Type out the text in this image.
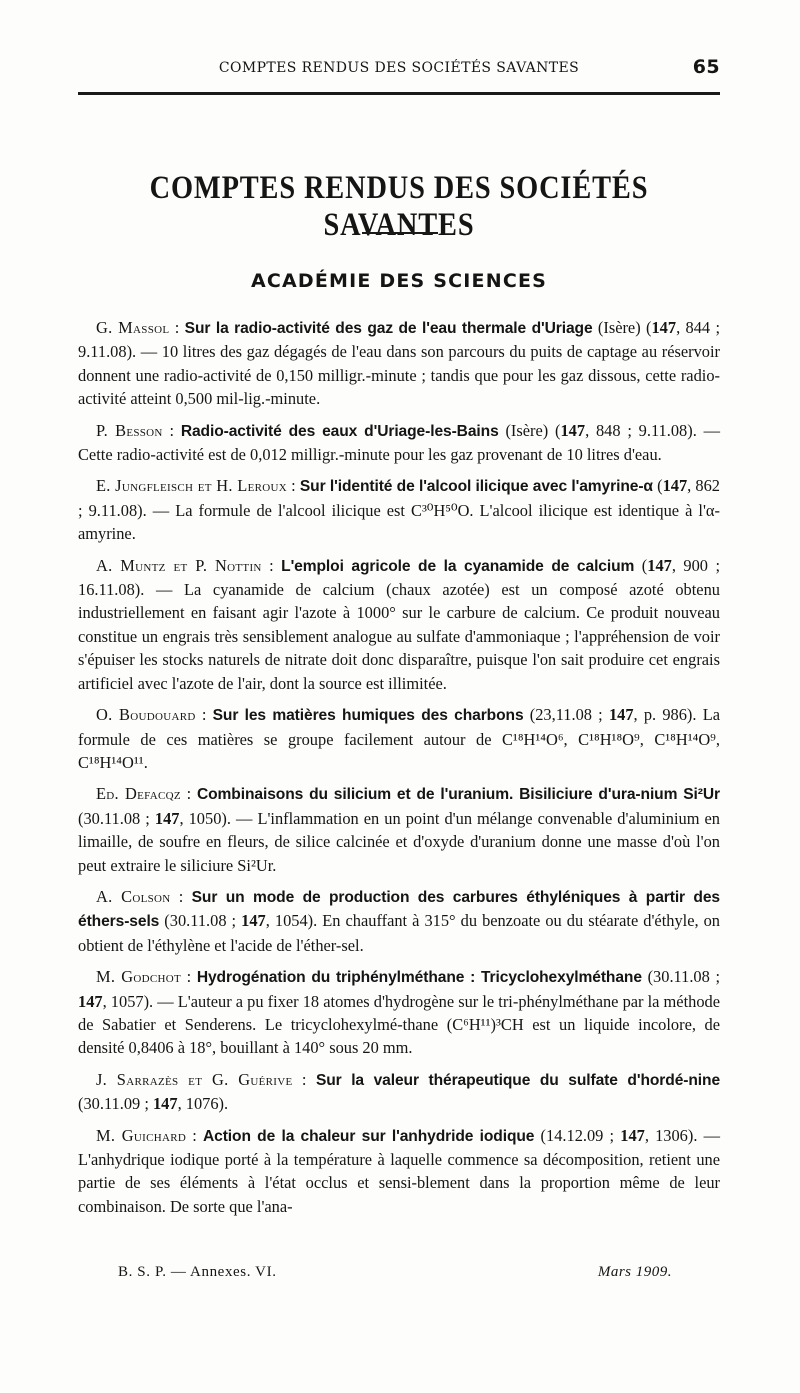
COMPTES RENDUS DES SOCIÉTÉS SAVANTES	65
COMPTES RENDUS DES SOCIÉTÉS SAVANTES
ACADÉMIE DES SCIENCES

G. Massol : Sur la radio-activité des gaz de l'eau thermale d'Uriage (Isère) (147, 844 ; 9.11.08). — 10 litres des gaz dégagés de l'eau dans son parcours du puits de captage au réservoir donnent une radio-activité de 0,150 milligr.-minute ; tandis que pour les gaz dissous, cette radio-activité atteint 0,500 mil-lig.-minute.

P. Besson : Radio-activité des eaux d'Uriage-les-Bains (Isère) (147, 848 ; 9.11.08). — Cette radio-activité est de 0,012 milligr.-minute pour les gaz provenant de 10 litres d'eau.

E. Jungfleisch et H. Leroux : Sur l'identité de l'alcool ilicique avec l'amyrine-α (147, 862 ; 9.11.08). — La formule de l'alcool ilicique est C³⁰H⁵⁰O. L'alcool ilicique est identique à l'α-amyrine.

A. Muntz et P. Nottin : L'emploi agricole de la cyanamide de calcium (147, 900 ; 16.11.08). — La cyanamide de calcium (chaux azotée) est un composé azoté obtenu industriellement en faisant agir l'azote à 1000° sur le carbure de calcium. Ce produit nouveau constitue un engrais très sensiblement analogue au sulfate d'ammoniaque ; l'appréhension de voir s'épuiser les stocks naturels de nitrate doit donc disparaître, puisque l'on sait produire cet engrais artificiel avec l'azote de l'air, dont la source est illimitée.

O. Boudouard : Sur les matières humiques des charbons (23,11.08 ; 147, p. 986). La formule de ces matières se groupe facilement autour de C¹⁸H¹⁴O⁶, C¹⁸H¹⁸O⁹, C¹⁸H¹⁴O⁹, C¹⁸H¹⁴O¹¹.

Ed. Defacqz : Combinaisons du silicium et de l'uranium. Bisiliciure d'ura-nium Si²Ur (30.11.08 ; 147, 1050). — L'inflammation en un point d'un mélange convenable d'aluminium en limaille, de soufre en fleurs, de silice calcinée et d'oxyde d'uranium donne une masse d'où l'on peut extraire le siliciure Si²Ur.

A. Colson : Sur un mode de production des carbures éthyléniques à partir des éthers-sels (30.11.08 ; 147, 1054). En chauffant à 315° du benzoate ou du stéarate d'éthyle, on obtient de l'éthylène et l'acide de l'éther-sel.

M. Godchot : Hydrogénation du triphénylméthane : Tricyclohexylméthane (30.11.08 ; 147, 1057). — L'auteur a pu fixer 18 atomes d'hydrogène sur le tri-phénylméthane par la méthode de Sabatier et Senderens. Le tricyclohexylmé-thane (C⁶H¹¹)³CH est un liquide incolore, de densité 0,8406 à 18°, bouillant à 140° sous 20 mm.

J. Sarrazès et G. Guérive : Sur la valeur thérapeutique du sulfate d'hordé-nine (30.11.09 ; 147, 1076).

M. Guichard : Action de la chaleur sur l'anhydride iodique (14.12.09 ; 147, 1306). — L'anhydrique iodique porté à la température à laquelle commence sa décomposition, retient une partie de ses éléments à l'état occlus et sensi-blement dans la proportion même de leur combinaison. De sorte que l'ana-

B. S. P. — Annexes. VI.	Mars 1909.
